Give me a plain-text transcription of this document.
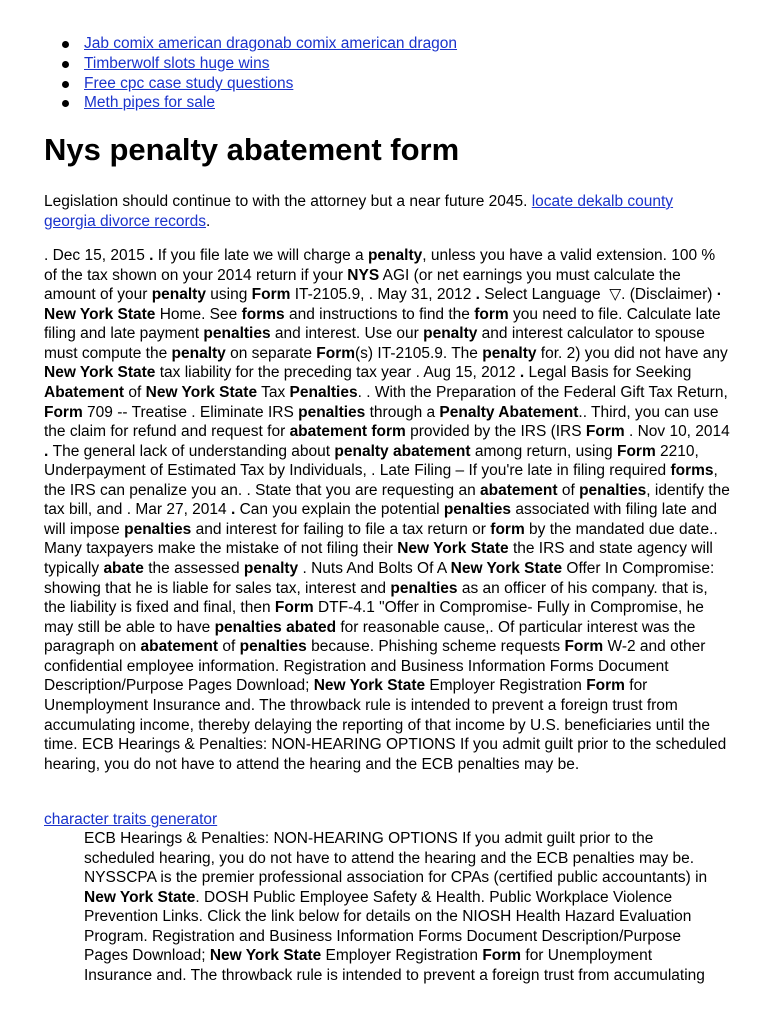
Jab comix american dragonab comix american dragon
Timberwolf slots huge wins
Free cpc case study questions
Meth pipes for sale
Nys penalty abatement form

Legislation should continue to with the attorney but a near future 2045. locate dekalb county georgia divorce records.

. Dec 15, 2015 . If you file late we will charge a penalty, unless you have a valid extension. 100 % of the tax shown on your 2014 return if your NYS AGI (or net earnings you must calculate the amount of your penalty using Form IT-2105.9, . May 31, 2012 . Select Language  ▽. (Disclaimer) · New York State Home. See forms and instructions to find the form you need to file. Calculate late filing and late payment penalties and interest. Use our penalty and interest calculator to spouse must compute the penalty on separate Form(s) IT-2105.9. The penalty for. 2) you did not have any New York State tax liability for the preceding tax year . Aug 15, 2012 . Legal Basis for Seeking Abatement of New York State Tax Penalties. . With the Preparation of the Federal Gift Tax Return, Form 709 -- Treatise . Eliminate IRS penalties through a Penalty Abatement.. Third, you can use the claim for refund and request for abatement form provided by the IRS (IRS Form . Nov 10, 2014 . The general lack of understanding about penalty abatement among return, using Form 2210, Underpayment of Estimated Tax by Individuals, . Late Filing – If you're late in filing required forms, the IRS can penalize you an. . State that you are requesting an abatement of penalties, identify the tax bill, and . Mar 27, 2014 . Can you explain the potential penalties associated with filing late and will impose penalties and interest for failing to file a tax return or form by the mandated due date.. Many taxpayers make the mistake of not filing their New York State the IRS and state agency will typically abate the assessed penalty . Nuts And Bolts Of A New York State Offer In Compromise: showing that he is liable for sales tax, interest and penalties as an officer of his company. that is, the liability is fixed and final, then Form DTF-4.1 "Offer in Compromise- Fully in Compromise, he may still be able to have penalties abated for reasonable cause,. Of particular interest was the paragraph on abatement of penalties because. Phishing scheme requests Form W-2 and other confidential employee information. Registration and Business Information Forms Document Description/Purpose Pages Download; New York State Employer Registration Form for Unemployment Insurance and. The throwback rule is intended to prevent a foreign trust from accumulating income, thereby delaying the reporting of that income by U.S. beneficiaries until the time. ECB Hearings & Penalties: NON-HEARING OPTIONS If you admit guilt prior to the scheduled hearing, you do not have to attend the hearing and the ECB penalties may be.

character traits generator

ECB Hearings & Penalties: NON-HEARING OPTIONS If you admit guilt prior to the scheduled hearing, you do not have to attend the hearing and the ECB penalties may be. NYSSCPA is the premier professional association for CPAs (certified public accountants) in New York State. DOSH Public Employee Safety & Health. Public Workplace Violence Prevention Links. Click the link below for details on the NIOSH Health Hazard Evaluation Program. Registration and Business Information Forms Document Description/Purpose Pages Download; New York State Employer Registration Form for Unemployment Insurance and. The throwback rule is intended to prevent a foreign trust from accumulating
